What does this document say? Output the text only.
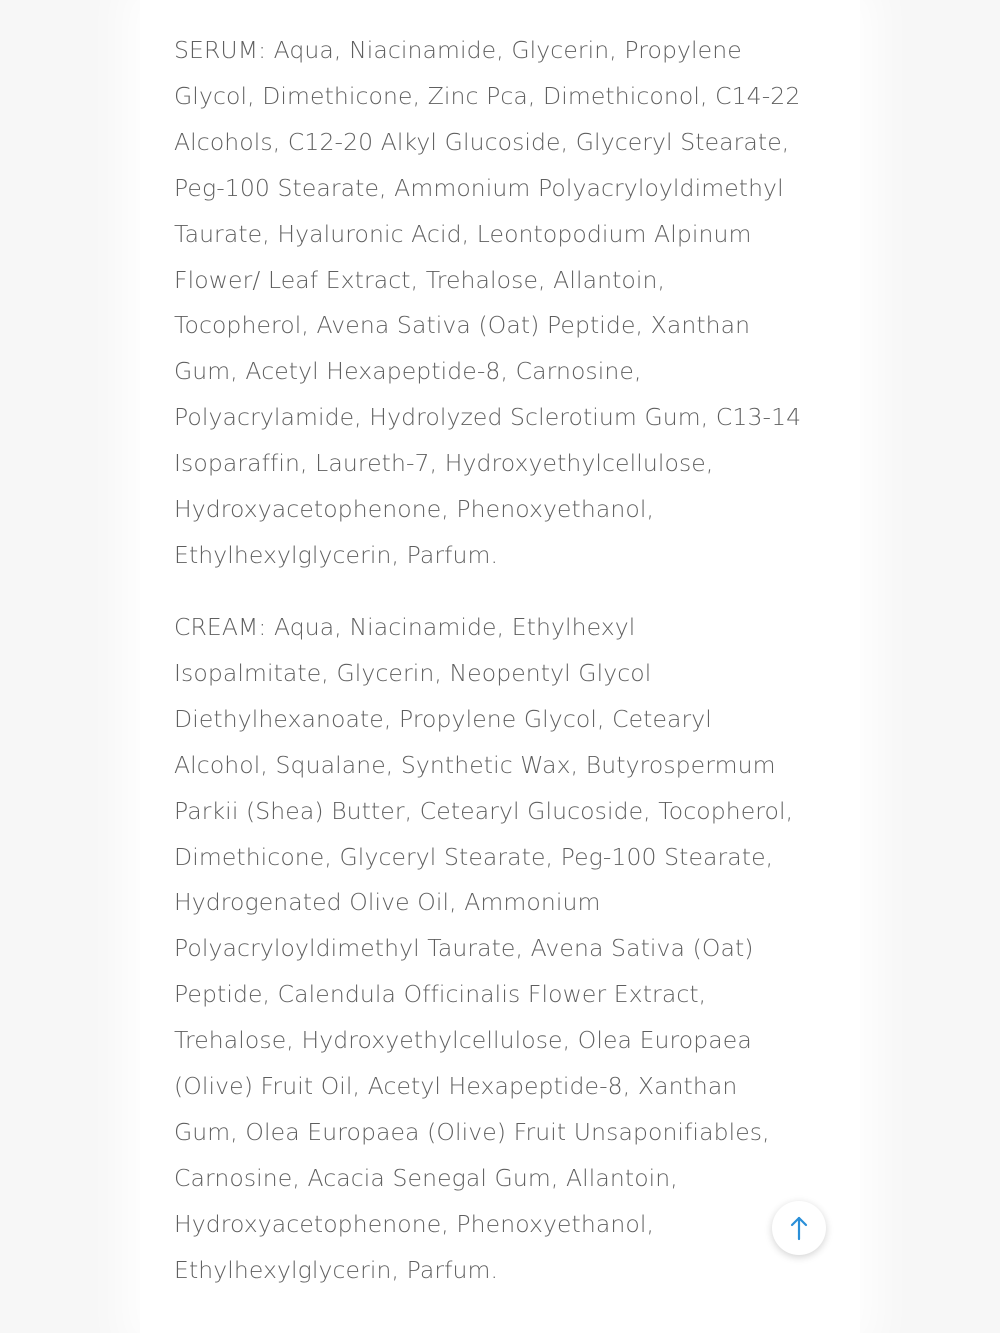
SERUM: Aqua, Niacinamide, Glycerin, Propylene
Glycol, Dimethicone, Zinc Pca, Dimethiconol, C14-22
Alcohols, C12-20 Alkyl Glucoside, Glyceryl Stearate,
Peg-100 Stearate, Ammonium Polyacryloyldimethyl
Taurate, Hyaluronic Acid, Leontopodium Alpinum
Flower/ Leaf Extract, Trehalose, Allantoin,
Tocopherol, Avena Sativa (Oat) Peptide, Xanthan
Gum, Acetyl Hexapeptide-8, Carnosine,
Polyacrylamide, Hydrolyzed Sclerotium Gum, C13-14
Isoparaffin, Laureth-7, Hydroxyethylcellulose,
Hydroxyacetophenone, Phenoxyethanol,
Ethylhexylglycerin, Parfum.

CREAM: Aqua, Niacinamide, Ethylhexyl
Isopalmitate, Glycerin, Neopentyl Glycol
Diethylhexanoate, Propylene Glycol, Cetearyl
Alcohol, Squalane, Synthetic Wax, Butyrospermum
Parkii (Shea) Butter, Cetearyl Glucoside, Tocopherol,
Dimethicone, Glyceryl Stearate, Peg-100 Stearate,
Hydrogenated Olive Oil, Ammonium
Polyacryloyldimethyl Taurate, Avena Sativa (Oat)
Peptide, Calendula Officinalis Flower Extract,
Trehalose, Hydroxyethylcellulose, Olea Europaea
(Olive) Fruit Oil, Acetyl Hexapeptide-8, Xanthan
Gum, Olea Europaea (Olive) Fruit Unsaponifiables,
Carnosine, Acacia Senegal Gum, Allantoin,
Hydroxyacetophenone, Phenoxyethanol,
Ethylhexylglycerin, Parfum.
